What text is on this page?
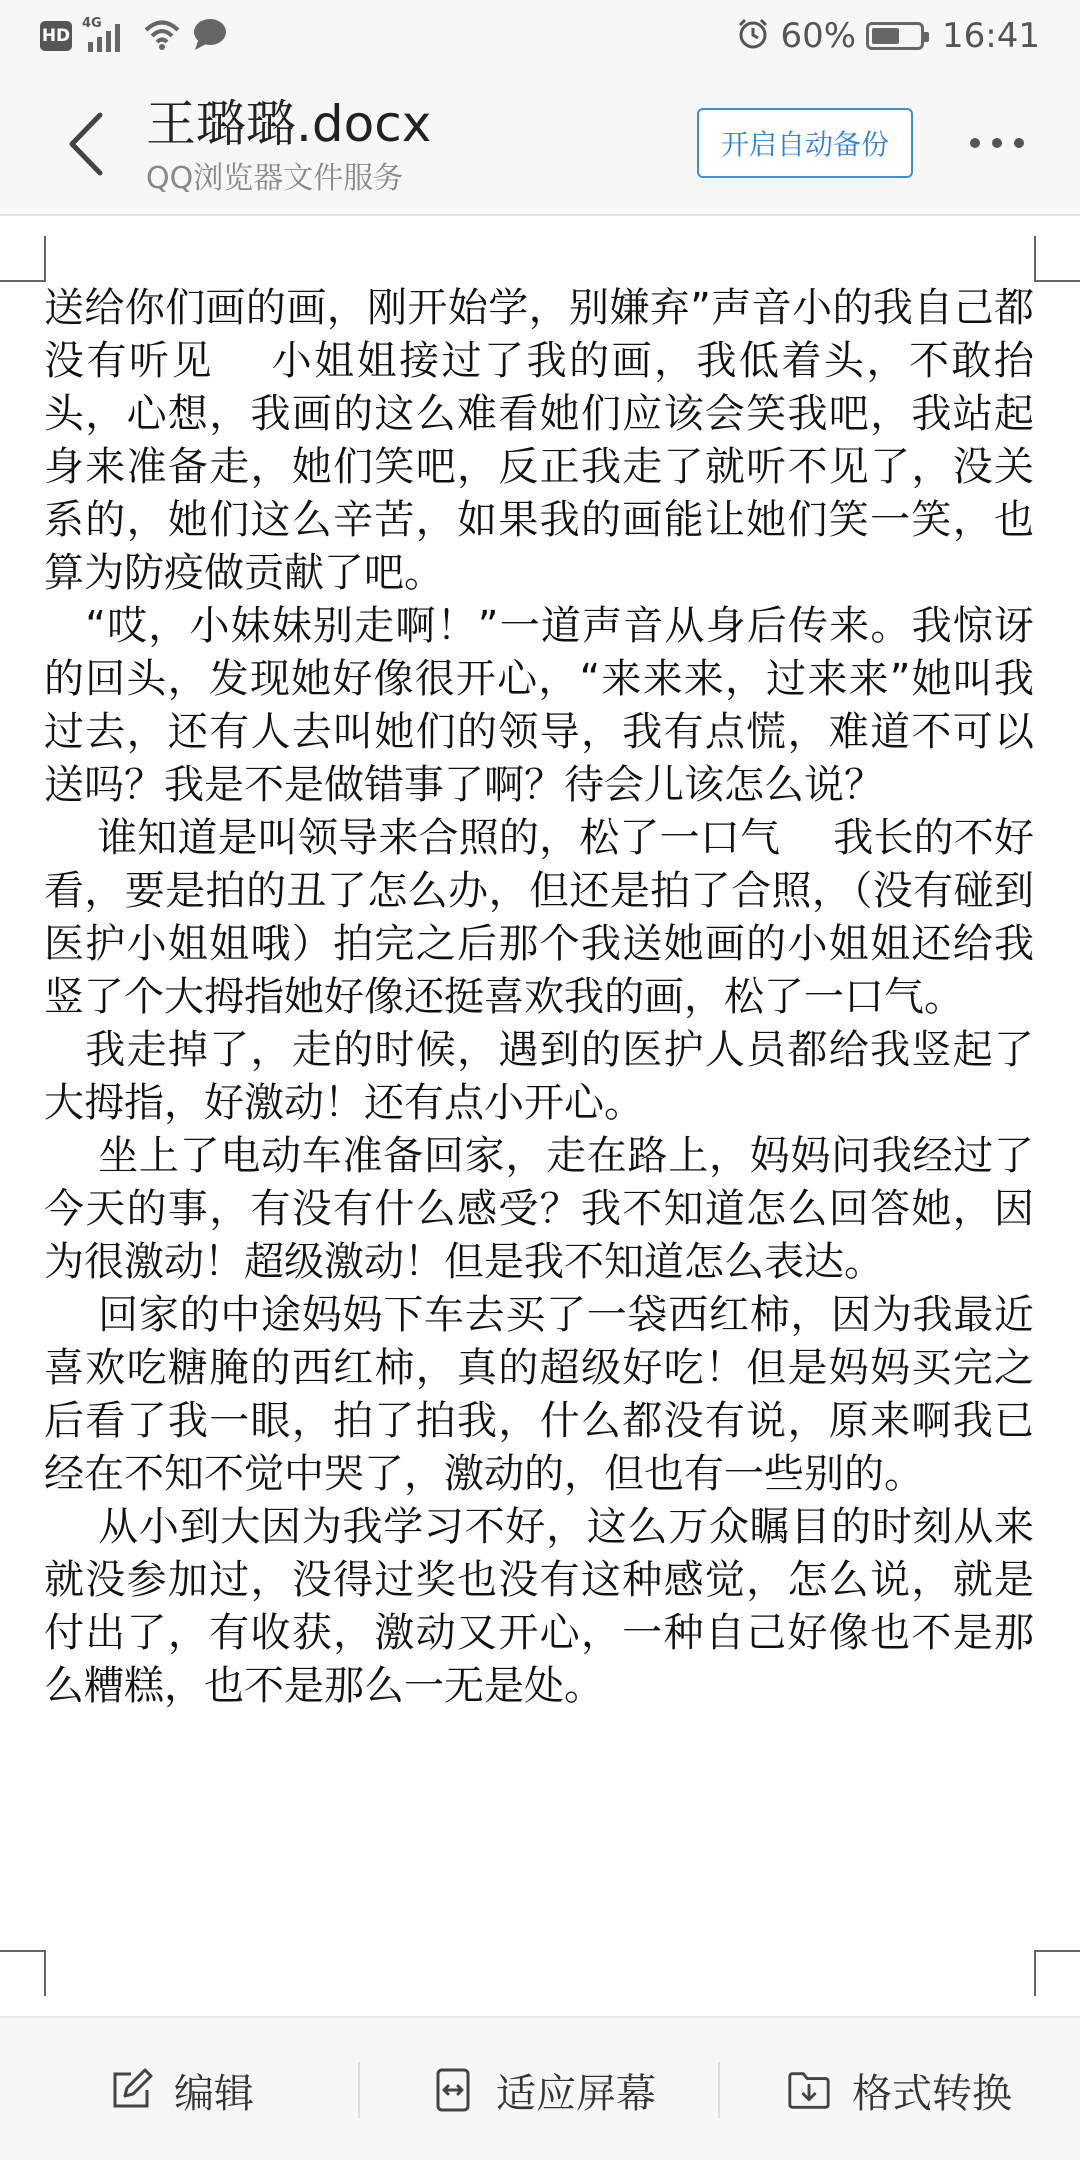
HD
4G	60%	16:41
王璐璐.docx
QQ浏览器文件服务
开启自动备份

送给你们画的画，刚开始学，别嫌弃”声音小的我自己都没有听见　 小姐姐接过了我的画，我低着头，不敢抬头，心想，我画的这么难看她们应该会笑我吧，我站起身来准备走，她们笑吧，反正我走了就听不见了，没关系的，她们这么辛苦，如果我的画能让她们笑一笑，也算为防疫做贡献了吧。

　“哎，小妹妹别走啊！”一道声音从身后传来。我惊讶的回头，发现她好像很开心，“来来来，过来来”她叫我过去，还有人去叫她们的领导，我有点慌，难道不可以送吗？我是不是做错事了啊？待会儿该怎么说？

　 谁知道是叫领导来合照的，松了一口气　 我长的不好看，要是拍的丑了怎么办，但还是拍了合照，（没有碰到医护小姐姐哦）拍完之后那个我送她画的小姐姐还给我竖了个大拇指她好像还挺喜欢我的画，松了一口气。

　我走掉了，走的时候，遇到的医护人员都给我竖起了大拇指，好激动！还有点小开心。

　 坐上了电动车准备回家，走在路上，妈妈问我经过了今天的事，有没有什么感受？我不知道怎么回答她，因为很激动！超级激动！但是我不知道怎么表达。

　 回家的中途妈妈下车去买了一袋西红柿，因为我最近喜欢吃糖腌的西红柿，真的超级好吃！但是妈妈买完之后看了我一眼，拍了拍我，什么都没有说，原来啊我已经在不知不觉中哭了，激动的，但也有一些别的。

　 从小到大因为我学习不好，这么万众瞩目的时刻从来就没参加过，没得过奖也没有这种感觉，怎么说，就是付出了，有收获，激动又开心，一种自己好像也不是那么糟糕，也不是那么一无是处。

编辑	适应屏幕	格式转换
